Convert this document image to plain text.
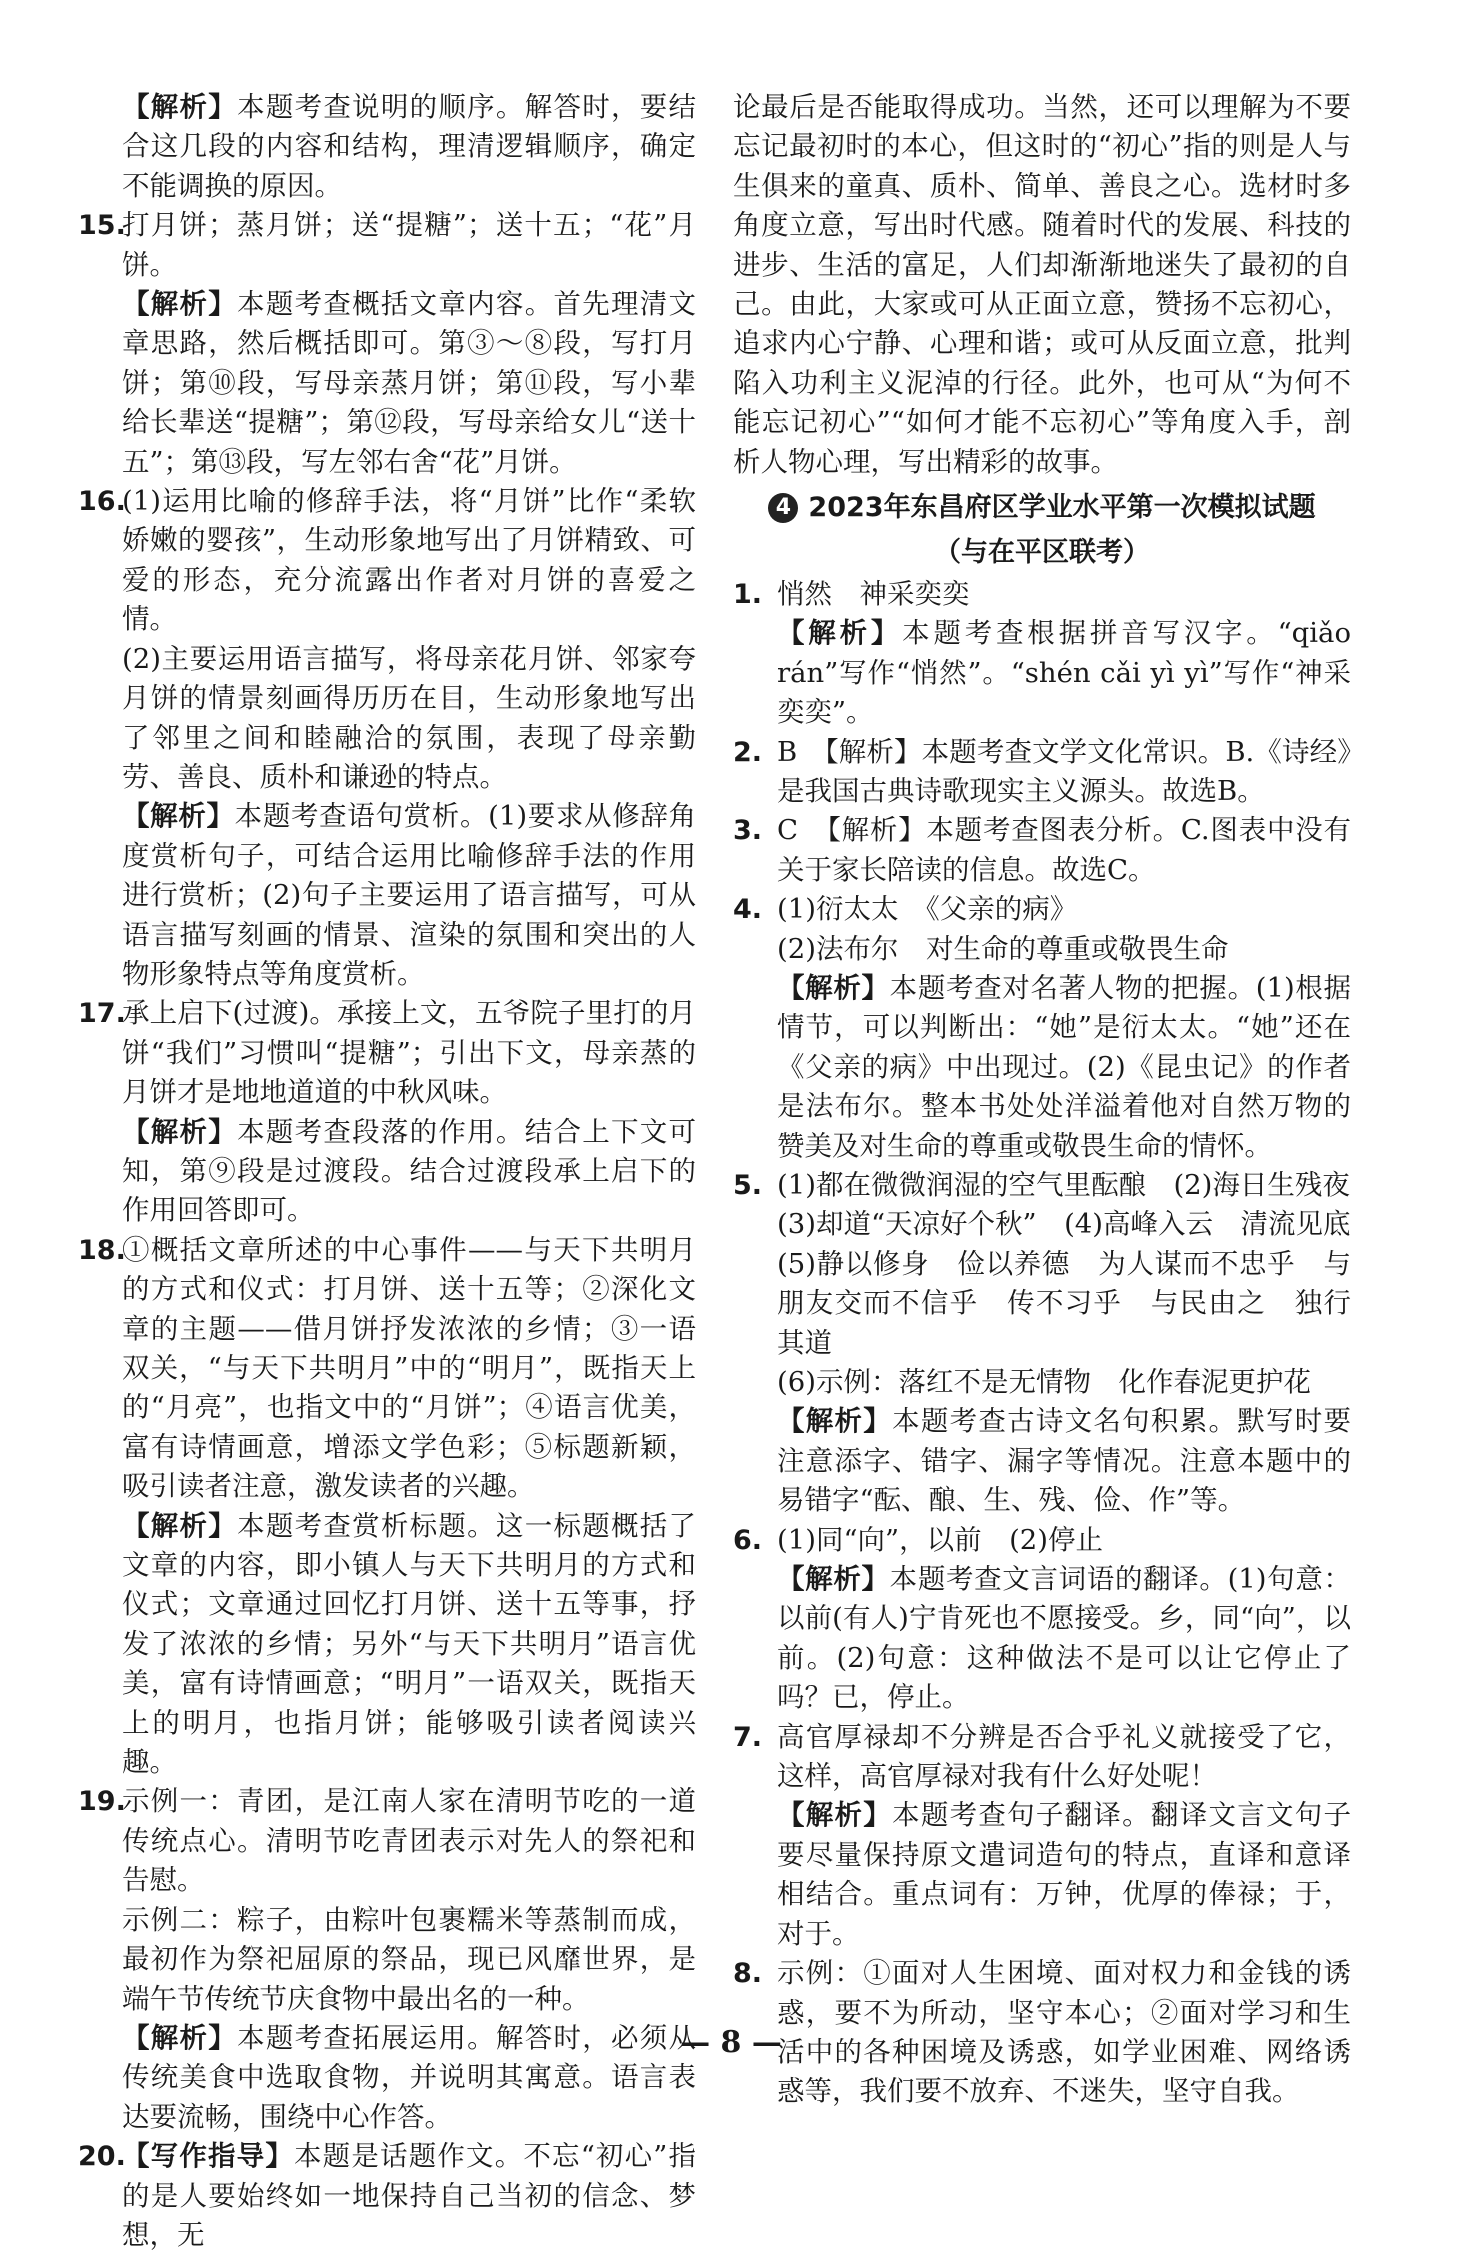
【解析】本题考查说明的顺序。解答时，要结合这几段的内容和结构，理清逻辑顺序，确定不能调换的原因。
15.
打月饼；蒸月饼；送“提糖”；送十五；“花”月饼。
【解析】本题考查概括文章内容。首先理清文章思路，然后概括即可。第③～⑧段，写打月饼；第⑩段，写母亲蒸月饼；第⑪段，写小辈给长辈送“提糖”；第⑫段，写母亲给女儿“送十五”；第⑬段，写左邻右舍“花”月饼。
16.
(1)运用比喻的修辞手法，将“月饼”比作“柔软娇嫩的婴孩”，生动形象地写出了月饼精致、可爱的形态，充分流露出作者对月饼的喜爱之情。
(2)主要运用语言描写，将母亲花月饼、邻家夸月饼的情景刻画得历历在目，生动形象地写出了邻里之间和睦融洽的氛围，表现了母亲勤劳、善良、质朴和谦逊的特点。
【解析】本题考查语句赏析。(1)要求从修辞角度赏析句子，可结合运用比喻修辞手法的作用进行赏析；(2)句子主要运用了语言描写，可从语言描写刻画的情景、渲染的氛围和突出的人物形象特点等角度赏析。
17.
承上启下(过渡)。承接上文，五爷院子里打的月饼“我们”习惯叫“提糖”；引出下文，母亲蒸的月饼才是地地道道的中秋风味。
【解析】本题考查段落的作用。结合上下文可知，第⑨段是过渡段。结合过渡段承上启下的作用回答即可。
18.
①概括文章所述的中心事件——与天下共明月的方式和仪式：打月饼、送十五等；②深化文章的主题——借月饼抒发浓浓的乡情；③一语双关，“与天下共明月”中的“明月”，既指天上的“月亮”，也指文中的“月饼”；④语言优美，富有诗情画意，增添文学色彩；⑤标题新颖，吸引读者注意，激发读者的兴趣。
【解析】本题考查赏析标题。这一标题概括了文章的内容，即小镇人与天下共明月的方式和仪式；文章通过回忆打月饼、送十五等事，抒发了浓浓的乡情；另外“与天下共明月”语言优美，富有诗情画意；“明月”一语双关，既指天上的明月，也指月饼；能够吸引读者阅读兴趣。
19.
示例一：青团，是江南人家在清明节吃的一道传统点心。清明节吃青团表示对先人的祭祀和告慰。
示例二：粽子，由粽叶包裹糯米等蒸制而成，最初作为祭祀屈原的祭品，现已风靡世界，是端午节传统节庆食物中最出名的一种。
【解析】本题考查拓展运用。解答时，必须从传统美食中选取食物，并说明其寓意。语言表达要流畅，围绕中心作答。
20.
【写作指导】本题是话题作文。不忘“初心”指的是人要始终如一地保持自己当初的信念、梦想，无
论最后是否能取得成功。当然，还可以理解为不要忘记最初时的本心，但这时的“初心”指的则是人与生俱来的童真、质朴、简单、善良之心。选材时多角度立意，写出时代感。随着时代的发展、科技的进步、生活的富足，人们却渐渐地迷失了最初的自己。由此，大家或可从正面立意，赞扬不忘初心，追求内心宁静、心理和谐；或可从反面立意，批判陷入功利主义泥淖的行径。此外，也可从“为何不能忘记初心”“如何才能不忘初心”等角度入手，剖析人物心理，写出精彩的故事。
4 2023年东昌府区学业水平第一次模拟试题
（与在平区联考）
1. 悄然　神采奕奕
【解析】本题考查根据拼音写汉字。“qiǎo rán”写作“悄然”。“shén cǎi yì yì”写作“神采奕奕”。
2. B　【解析】本题考查文学文化常识。B.《诗经》是我国古典诗歌现实主义源头。故选B。
3. C　【解析】本题考查图表分析。C.图表中没有关于家长陪读的信息。故选C。
4. (1)衍太太　《父亲的病》
(2)法布尔　对生命的尊重或敬畏生命
【解析】本题考查对名著人物的把握。(1)根据情节，可以判断出：“她”是衍太太。“她”还在《父亲的病》中出现过。(2)《昆虫记》的作者是法布尔。整本书处处洋溢着他对自然万物的赞美及对生命的尊重或敬畏生命的情怀。
5. (1)都在微微润湿的空气里酝酿　(2)海日生残夜
(3)却道“天凉好个秋”　(4)高峰入云　清流见底
(5)静以修身　俭以养德　为人谋而不忠乎　与朋友交而不信乎　传不习乎　与民由之　独行其道
(6)示例：落红不是无情物　化作春泥更护花
【解析】本题考查古诗文名句积累。默写时要注意添字、错字、漏字等情况。注意本题中的易错字“酝、酿、生、残、俭、作”等。
6. (1)同“向”，以前　(2)停止
【解析】本题考查文言词语的翻译。(1)句意：以前(有人)宁肯死也不愿接受。乡，同“向”，以前。(2)句意：这种做法不是可以让它停止了吗？已，停止。
7. 高官厚禄却不分辨是否合乎礼义就接受了它，这样，高官厚禄对我有什么好处呢！
【解析】本题考查句子翻译。翻译文言文句子要尽量保持原文遣词造句的特点，直译和意译相结合。重点词有：万钟，优厚的俸禄；于，对于。
8. 示例：①面对人生困境、面对权力和金钱的诱惑，要不为所动，坚守本心；②面对学习和生活中的各种困境及诱惑，如学业困难、网络诱惑等，我们要不放弃、不迷失，坚守自我。
— 8 —
